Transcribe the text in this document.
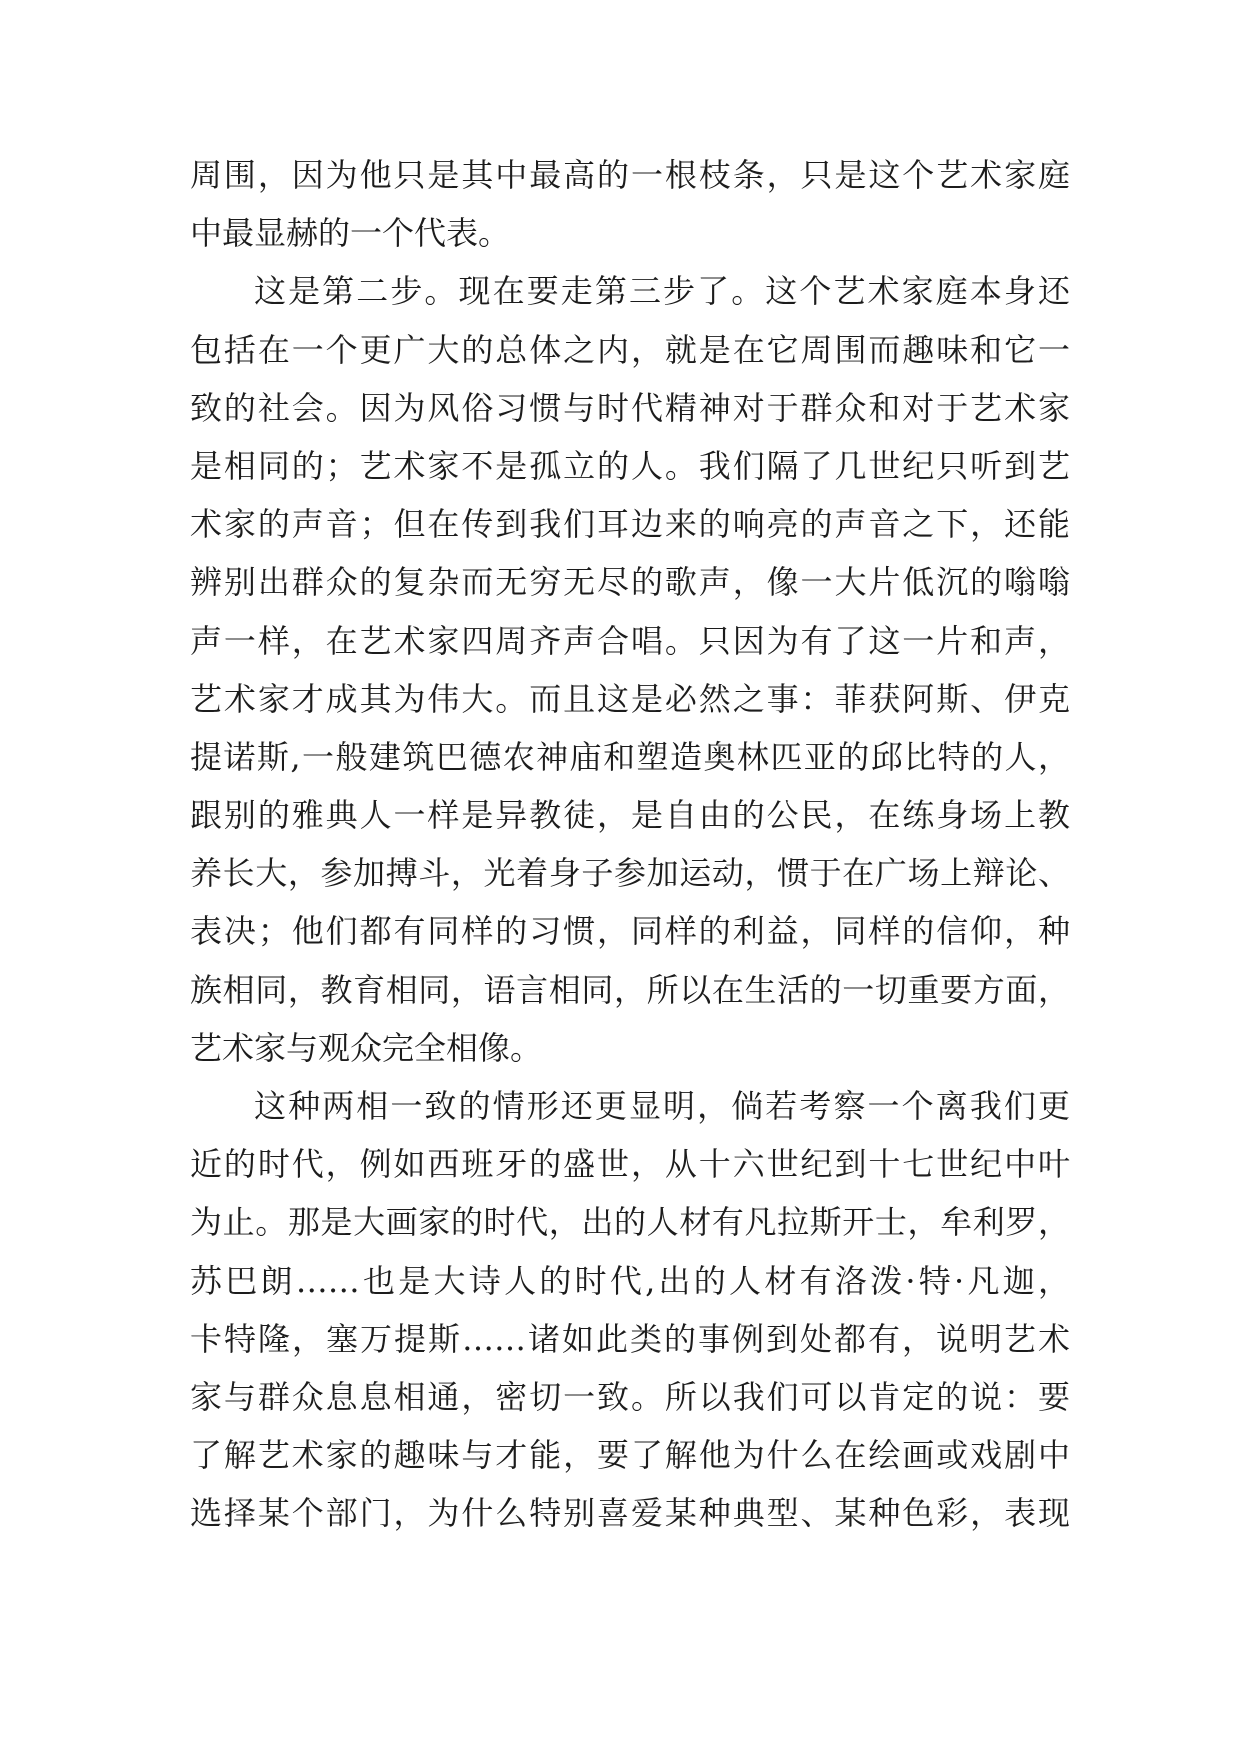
周围，因为他只是其中最高的一根枝条，只是这个艺术家庭
中最显赫的一个代表。
这是第二步。现在要走第三步了。这个艺术家庭本身还
包括在一个更广大的总体之内，就是在它周围而趣味和它一
致的社会。因为风俗习惯与时代精神对于群众和对于艺术家
是相同的；艺术家不是孤立的人。我们隔了几世纪只听到艺
术家的声音；但在传到我们耳边来的响亮的声音之下，还能
辨别出群众的复杂而无穷无尽的歌声，像一大片低沉的嗡嗡
声一样，在艺术家四周齐声合唱。只因为有了这一片和声，
艺术家才成其为伟大。而且这是必然之事：菲获阿斯、伊克
提诺斯,一般建筑巴德农神庙和塑造奥林匹亚的邱比特的人，
跟别的雅典人一样是异教徒，是自由的公民，在练身场上教
养长大，参加搏斗，光着身子参加运动，惯于在广场上辩论、
表决；他们都有同样的习惯，同样的利益，同样的信仰，种
族相同，教育相同，语言相同，所以在生活的一切重要方面，
艺术家与观众完全相像。
这种两相一致的情形还更显明，倘若考察一个离我们更
近的时代，例如西班牙的盛世，从十六世纪到十七世纪中叶
为止。那是大画家的时代，出的人材有凡拉斯开士，牟利罗，
苏巴朗……也是大诗人的时代,出的人材有洛泼·特·凡迦，
卡特隆，塞万提斯……诸如此类的事例到处都有，说明艺术
家与群众息息相通，密切一致。所以我们可以肯定的说：要
了解艺术家的趣味与才能，要了解他为什么在绘画或戏剧中
选择某个部门，为什么特别喜爱某种典型、某种色彩，表现
